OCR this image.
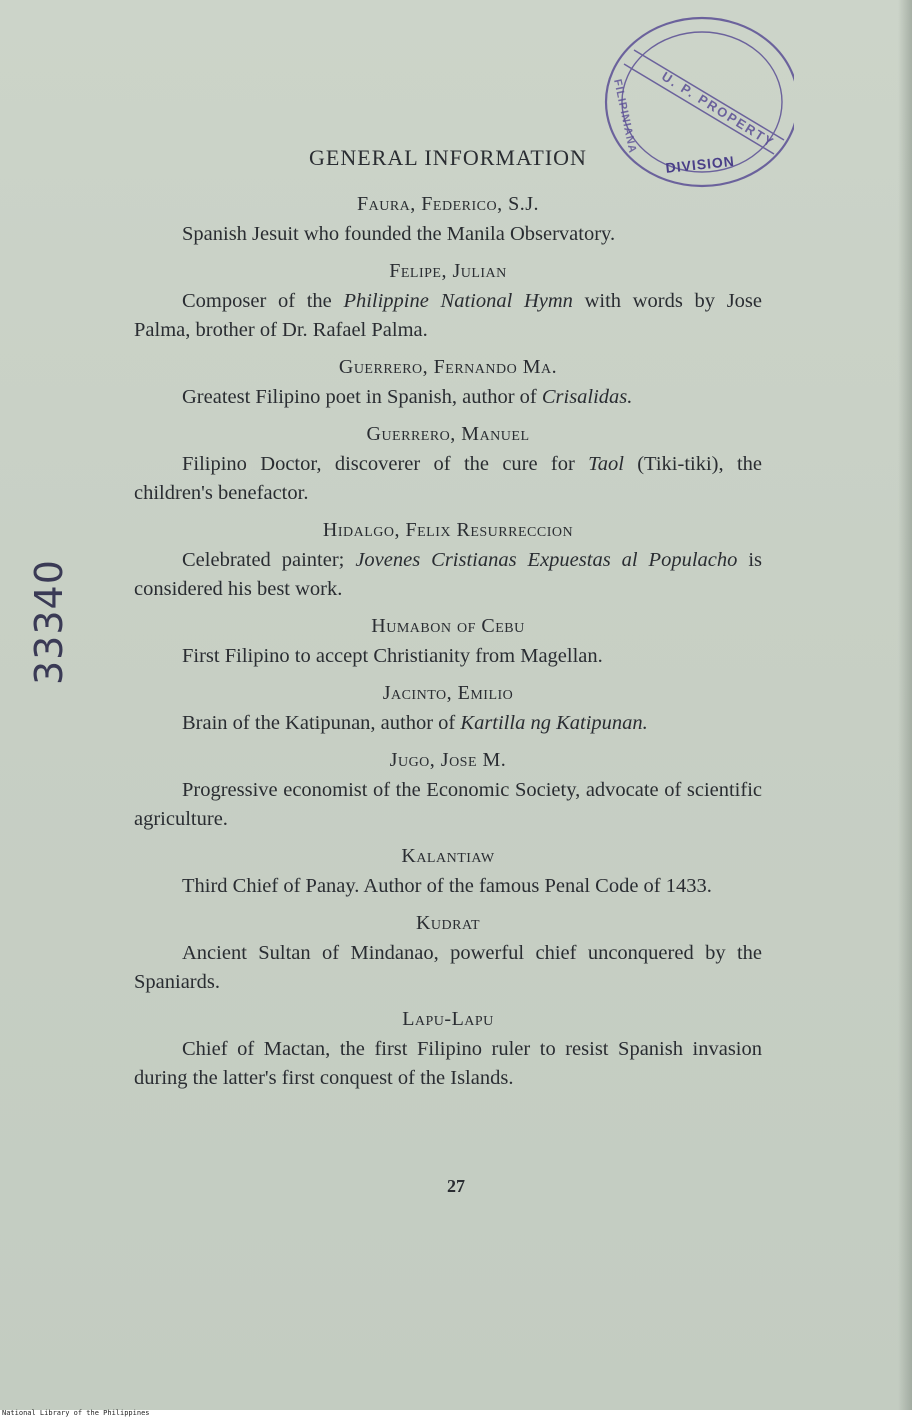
U. P. PROPERTY
DIVISION
FILIPINIANA
33340
GENERAL INFORMATION

Faura, Federico, S.J.

Spanish Jesuit who founded the Manila Observatory.

Felipe, Julian

Composer of the Philippine National Hymn with words by Jose Palma, brother of Dr. Rafael Palma.

Guerrero, Fernando Ma.

Greatest Filipino poet in Spanish, author of Crisalidas.

Guerrero, Manuel

Filipino Doctor, discoverer of the cure for Taol (Tiki-tiki), the children's benefactor.

Hidalgo, Felix Resurreccion

Celebrated painter; Jovenes Cristianas Expuestas al Populacho is considered his best work.

Humabon of Cebu

First Filipino to accept Christianity from Magellan.

Jacinto, Emilio

Brain of the Katipunan, author of Kartilla ng Katipunan.

Jugo, Jose M.

Progressive economist of the Economic Society, advocate of scientific agriculture.

Kalantiaw

Third Chief of Panay. Author of the famous Penal Code of 1433.

Kudrat

Ancient Sultan of Mindanao, powerful chief unconquered by the Spaniards.

Lapu-Lapu

Chief of Mactan, the first Filipino ruler to resist Spanish invasion during the latter's first conquest of the Islands.

27
National Library of the Philippines
